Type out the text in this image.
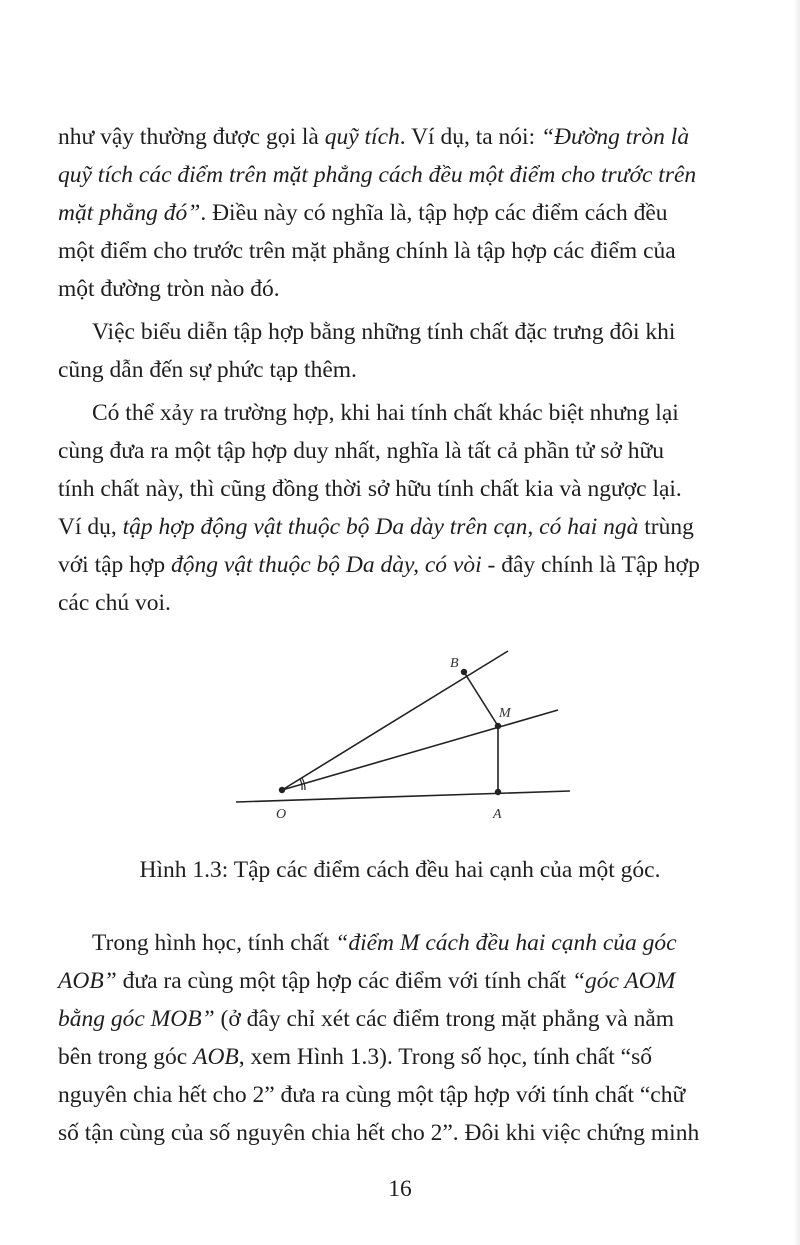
như vậy thường được gọi là quỹ tích. Ví dụ, ta nói: “Đường tròn là
quỹ tích các điểm trên mặt phẳng cách đều một điểm cho trước trên
mặt phẳng đó”. Điều này có nghĩa là, tập hợp các điểm cách đều
một điểm cho trước trên mặt phẳng chính là tập hợp các điểm của
một đường tròn nào đó.

Việc biểu diễn tập hợp bằng những tính chất đặc trưng đôi khi
cũng dẫn đến sự phức tạp thêm.

Có thể xảy ra trường hợp, khi hai tính chất khác biệt nhưng lại
cùng đưa ra một tập hợp duy nhất, nghĩa là tất cả phần tử sở hữu
tính chất này, thì cũng đồng thời sở hữu tính chất kia và ngược lại.
Ví dụ, tập hợp động vật thuộc bộ Da dày trên cạn, có hai ngà trùng
với tập hợp động vật thuộc bộ Da dày, có vòi - đây chính là Tập hợp
các chú voi.

O	A
B
M
Hình 1.3: Tập các điểm cách đều hai cạnh của một góc.

Trong hình học, tính chất “điểm M cách đều hai cạnh của góc
AOB” đưa ra cùng một tập hợp các điểm với tính chất “góc AOM
bằng góc MOB” (ở đây chỉ xét các điểm trong mặt phẳng và nằm
bên trong góc AOB, xem Hình 1.3). Trong số học, tính chất “số
nguyên chia hết cho 2” đưa ra cùng một tập hợp với tính chất “chữ
số tận cùng của số nguyên chia hết cho 2”. Đôi khi việc chứng minh

16
